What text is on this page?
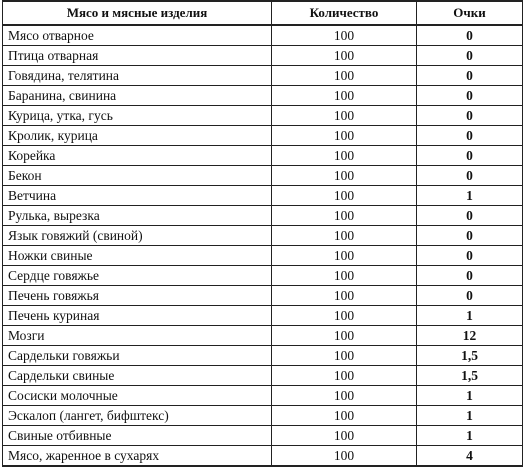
Мясо и мясные изделия	Количество	Очки
Мясо отварное	100	0
Птица отварная	100	0
Говядина, телятина	100	0
Баранина, свинина	100	0
Курица, утка, гусь	100	0
Кролик, курица	100	0
Корейка	100	0
Бекон	100	0
Ветчина	100	1
Рулька, вырезка	100	0
Язык говяжий (свиной)	100	0
Ножки свиные	100	0
Сердце говяжье	100	0
Печень говяжья	100	0
Печень куриная	100	1
Мозги	100	12
Сардельки говяжьи	100	1,5
Сардельки свиные	100	1,5
Сосиски молочные	100	1
Эскалоп (лангет, бифштекс)	100	1
Свиные отбивные	100	1
Мясо, жаренное в сухарях	100	4
